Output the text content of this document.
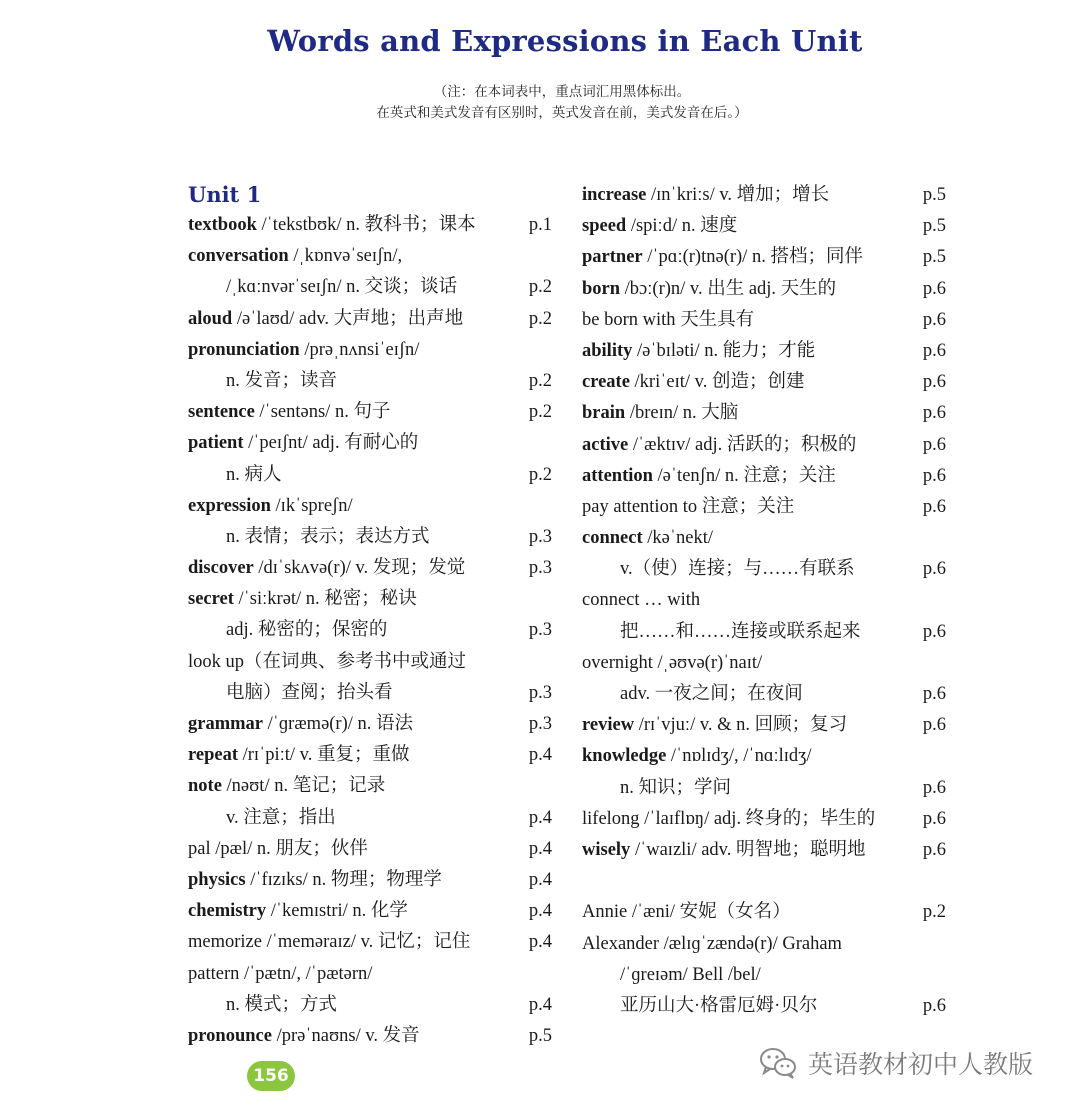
Words and Expressions in Each Unit
（注：在本词表中，重点词汇用黑体标出。
在英式和美式发音有区别时，英式发音在前，美式发音在后。）
Unit 1
textbook /ˈtekstbʊk/ n. 教科书；课本	p.1
conversation /ˌkɒnvəˈseɪʃn/,
/ˌkɑːnvərˈseɪʃn/ n. 交谈；谈话	p.2
aloud /əˈlaʊd/ adv. 大声地；出声地	p.2
pronunciation /prəˌnʌnsiˈeɪʃn/
n. 发音；读音	p.2
sentence /ˈsentəns/ n. 句子	p.2
patient /ˈpeɪʃnt/ adj. 有耐心的
n. 病人	p.2
expression /ɪkˈspreʃn/
n. 表情；表示；表达方式	p.3
discover /dɪˈskʌvə(r)/ v. 发现；发觉	p.3
secret /ˈsiːkrət/ n. 秘密；秘诀
adj. 秘密的；保密的	p.3
look up（在词典、参考书中或通过
电脑）查阅；抬头看	p.3
grammar /ˈɡræmə(r)/ n. 语法	p.3
repeat /rɪˈpiːt/ v. 重复；重做	p.4
note /nəʊt/ n. 笔记；记录
v. 注意；指出	p.4
pal /pæl/ n. 朋友；伙伴	p.4
physics /ˈfɪzɪks/ n. 物理；物理学	p.4
chemistry /ˈkemɪstri/ n. 化学	p.4
memorize /ˈmeməraɪz/ v. 记忆；记住	p.4
pattern /ˈpætn/, /ˈpætərn/
n. 模式；方式	p.4
pronounce /prəˈnaʊns/ v. 发音	p.5
increase /ɪnˈkriːs/ v. 增加；增长	p.5
speed /spiːd/ n. 速度	p.5
partner /ˈpɑː(r)tnə(r)/ n. 搭档；同伴	p.5
born /bɔː(r)n/ v. 出生 adj. 天生的	p.6
be born with 天生具有	p.6
ability /əˈbɪləti/ n. 能力；才能	p.6
create /kriˈeɪt/ v. 创造；创建	p.6
brain /breɪn/ n. 大脑	p.6
active /ˈæktɪv/ adj. 活跃的；积极的	p.6
attention /əˈtenʃn/ n. 注意；关注	p.6
pay attention to 注意；关注	p.6
connect /kəˈnekt/
v.（使）连接；与……有联系	p.6
connect … with
把……和……连接或联系起来	p.6
overnight /ˌəʊvə(r)ˈnaɪt/
adv. 一夜之间；在夜间	p.6
review /rɪˈvjuː/ v. & n. 回顾；复习	p.6
knowledge /ˈnɒlɪdʒ/, /ˈnɑːlɪdʒ/
n. 知识；学问	p.6
lifelong /ˈlaɪflɒŋ/ adj. 终身的；毕生的	p.6
wisely /ˈwaɪzli/ adv. 明智地；聪明地	p.6
Annie /ˈæni/ 安妮（女名）	p.2
Alexander /ælɪɡˈzændə(r)/ Graham
/ˈɡreɪəm/ Bell /bel/
亚历山大·格雷厄姆·贝尔	p.6
156	英语教材初中人教版
